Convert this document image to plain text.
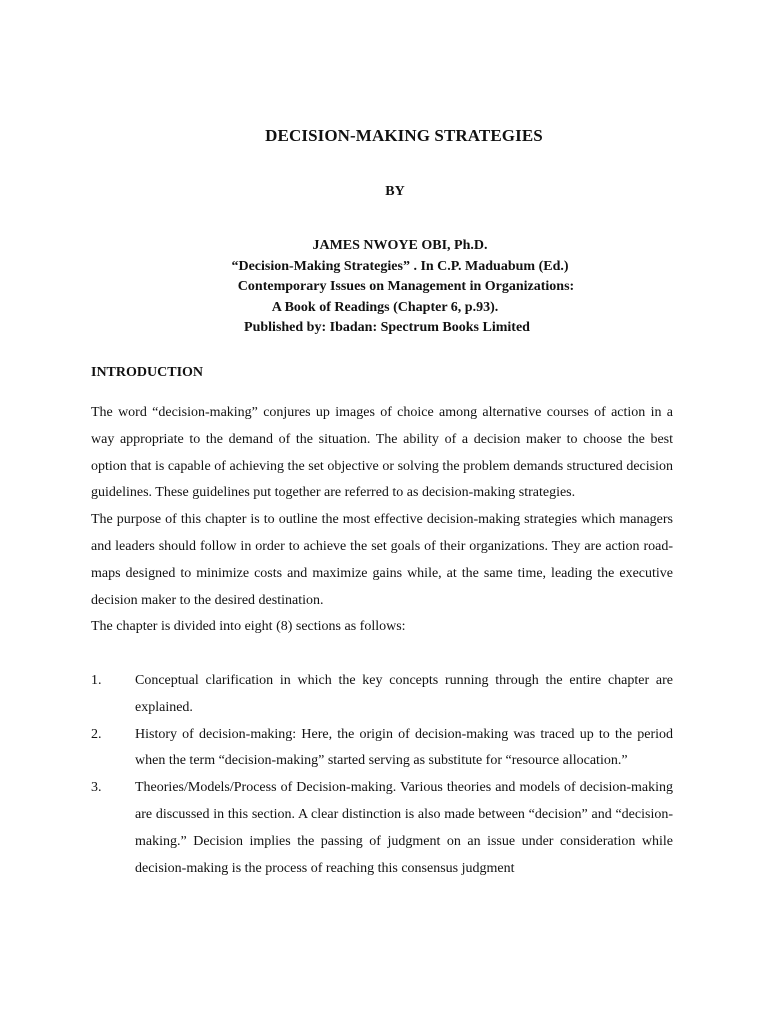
DECISION-MAKING STRATEGIES
BY
JAMES NWOYE OBI, Ph.D.
“Decision-Making Strategies” . In C.P. Maduabum (Ed.)
Contemporary Issues on Management in Organizations:
A Book of Readings (Chapter 6, p.93).
Published by: Ibadan: Spectrum Books Limited
INTRODUCTION

The word “decision-making” conjures up images of choice among alternative courses of action in a way appropriate to the demand of the situation. The ability of a decision maker to choose the best option that is capable of achieving the set objective or solving the problem demands structured decision guidelines. These guidelines put together are referred to as decision-making strategies.

The purpose of this chapter is to outline the most effective decision-making strategies which managers and leaders should follow in order to achieve the set goals of their organizations. They are action road-maps designed to minimize costs and maximize gains while, at the same time, leading the executive decision maker to the desired destination.

The chapter is divided into eight (8) sections as follows:

1. Conceptual clarification in which the key concepts running through the entire chapter are explained.
2. History of decision-making: Here, the origin of decision-making was traced up to the period when the term “decision-making” started serving as substitute for “resource allocation.”
3. Theories/Models/Process of Decision-making. Various theories and models of decision-making are discussed in this section. A clear distinction is also made between “decision” and “decision-making.” Decision implies the passing of judgment on an issue under consideration while decision-making is the process of reaching this consensus judgment
